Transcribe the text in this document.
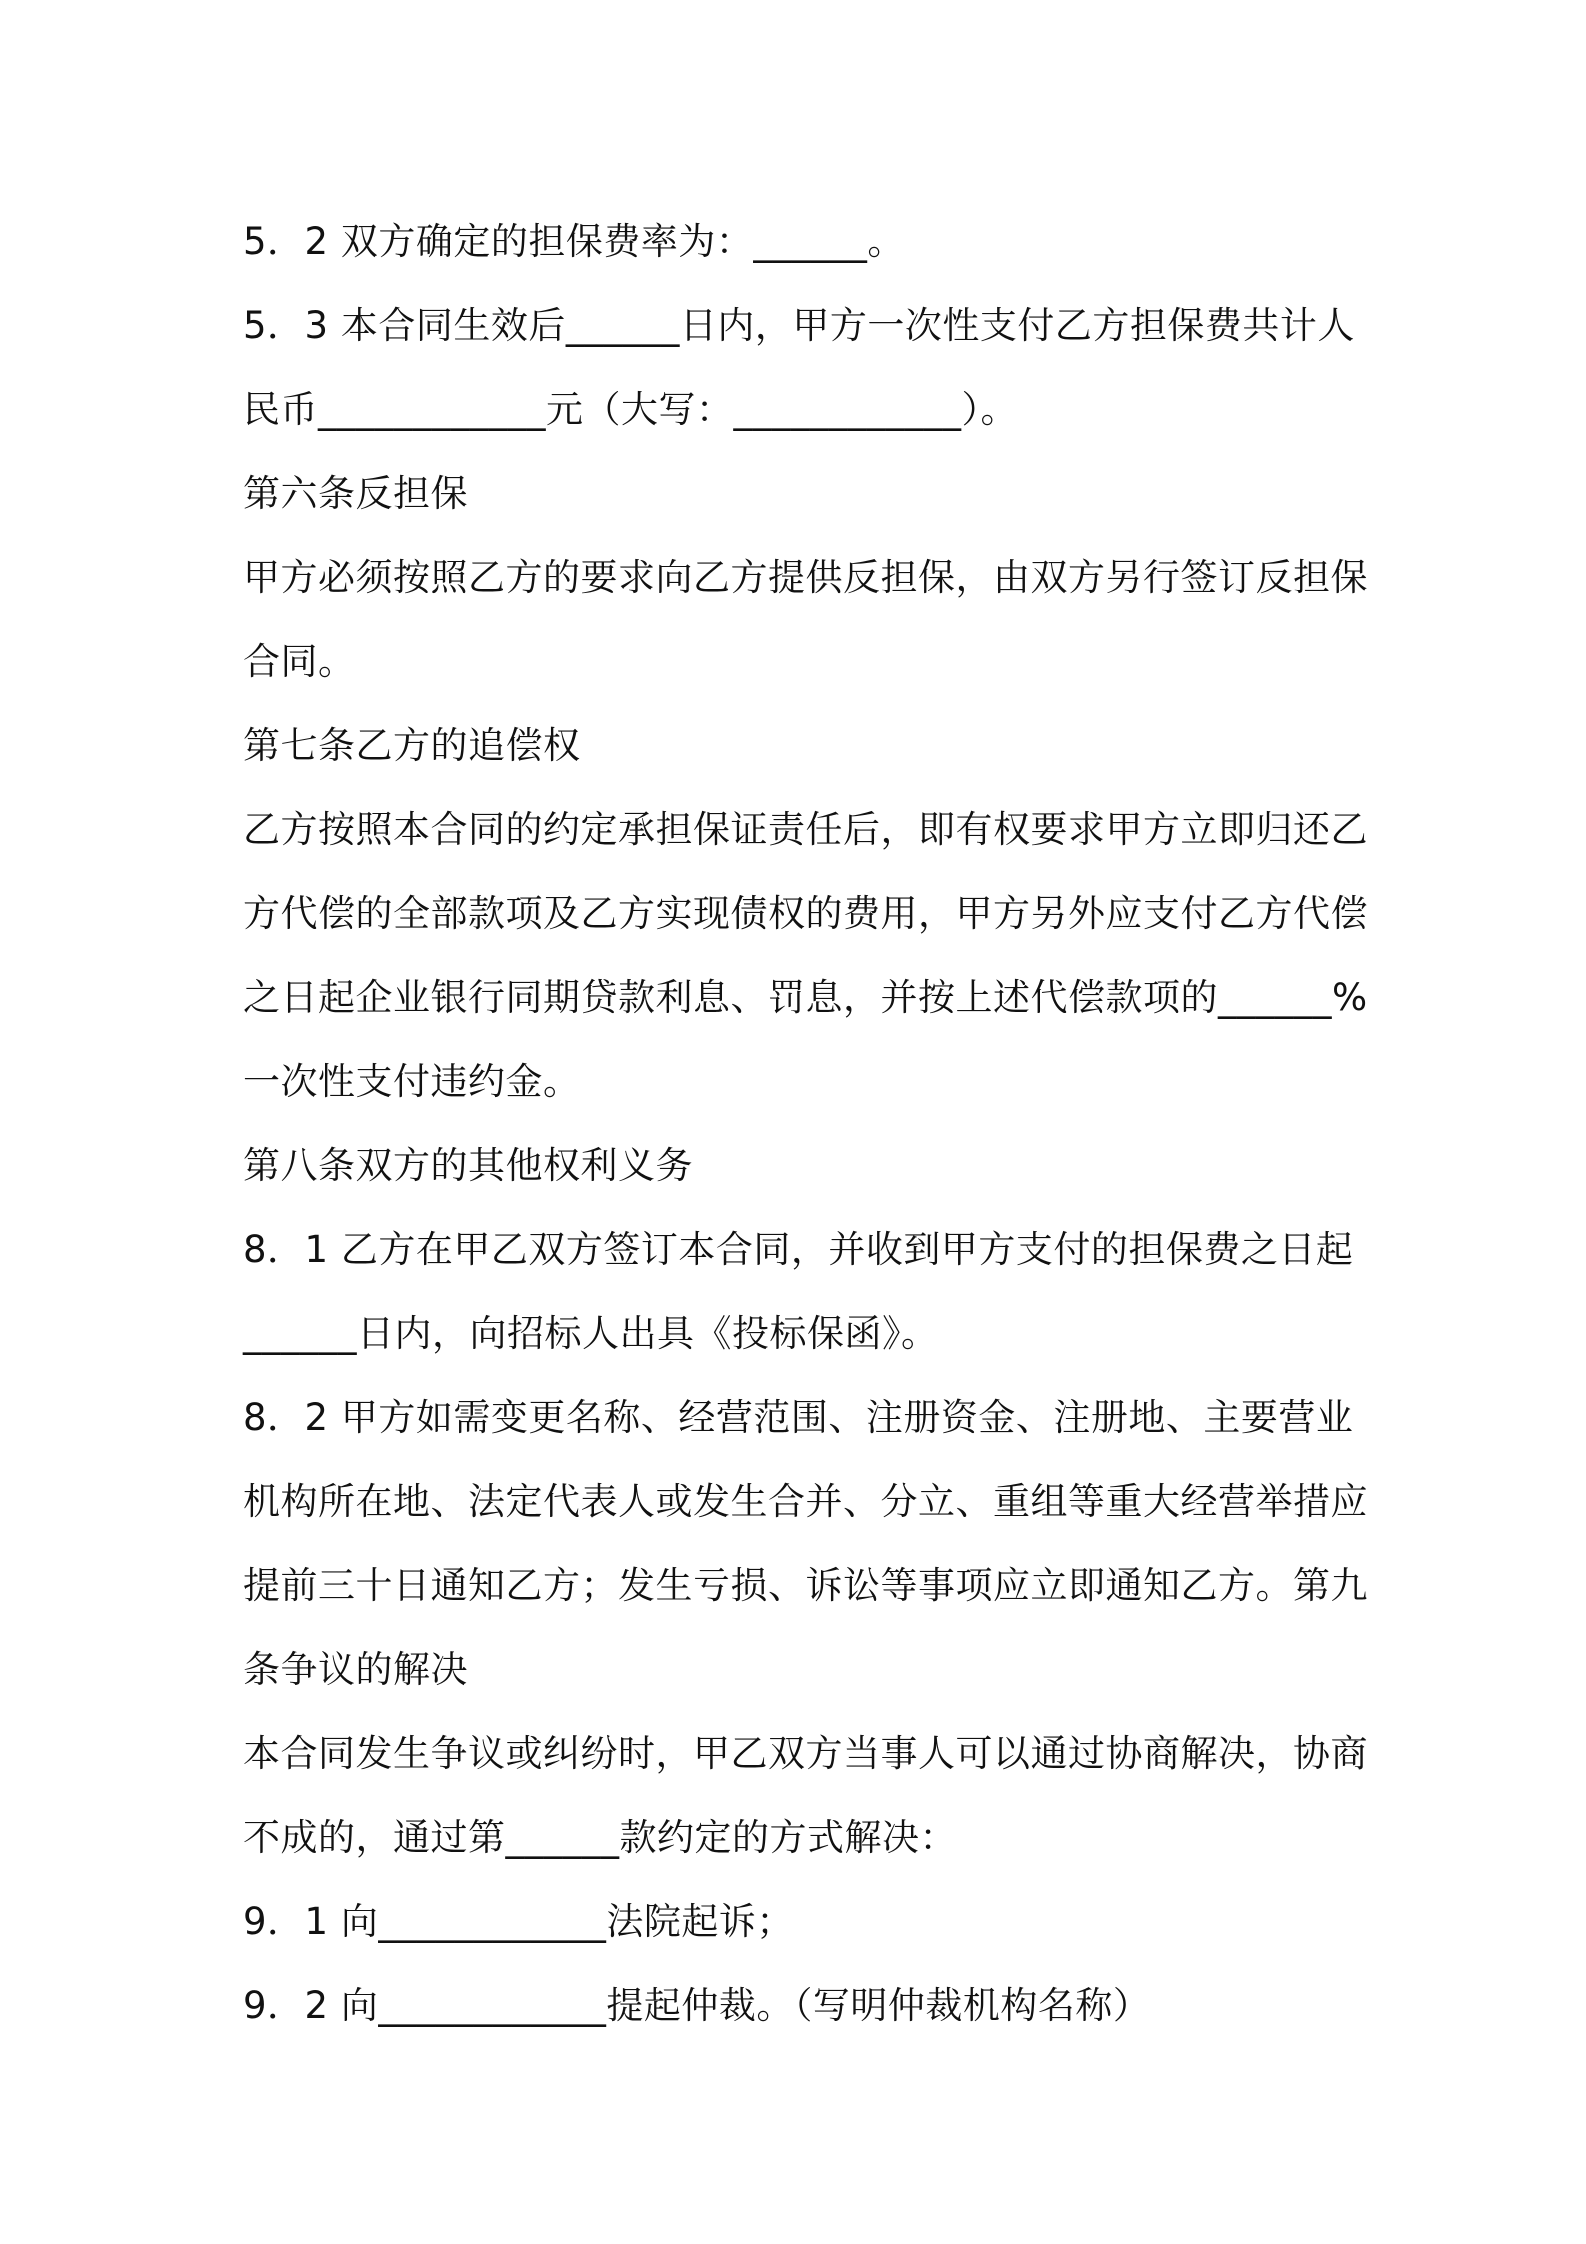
5．2 双方确定的担保费率为：______。

5．3 本合同生效后______日内，甲方一次性支付乙方担保费共计人

民币____________元（大写：____________）。

第六条反担保

甲方必须按照乙方的要求向乙方提供反担保，由双方另行签订反担保

合同。

第七条乙方的追偿权

乙方按照本合同的约定承担保证责任后，即有权要求甲方立即归还乙

方代偿的全部款项及乙方实现债权的费用，甲方另外应支付乙方代偿

之日起企业银行同期贷款利息、罚息，并按上述代偿款项的______%

一次性支付违约金。

第八条双方的其他权利义务

8．1 乙方在甲乙双方签订本合同，并收到甲方支付的担保费之日起

______日内，向招标人出具《投标保函》。

8．2 甲方如需变更名称、经营范围、注册资金、注册地、主要营业

机构所在地、法定代表人或发生合并、分立、重组等重大经营举措应

提前三十日通知乙方；发生亏损、诉讼等事项应立即通知乙方。第九

条争议的解决

本合同发生争议或纠纷时，甲乙双方当事人可以通过协商解决，协商

不成的，通过第______款约定的方式解决：

9．1 向____________法院起诉；

9．2 向____________提起仲裁。（写明仲裁机构名称）
